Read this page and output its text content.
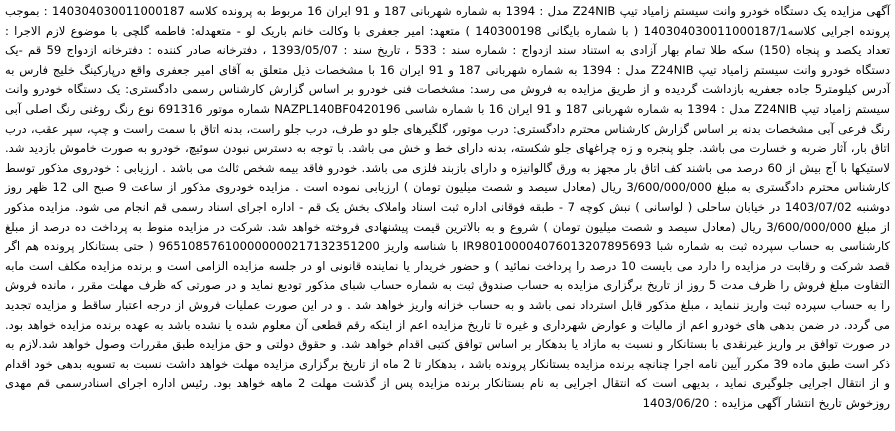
آگهی مزایده یک دستگاه خودرو وانت سیستم زامیاد تیپ Z24NIB مدل : 1394 به شماره شهربانی 187 و 91 ایران 16 مربوط به پرونده کلاسه 140304030011000187 : بموجب پرونده اجرایی کلاسه140304030011000187/1 ( با شماره بایگانی 140300198 ) متعهد: امیر جعفری با وکالت خانم باریک لو - متعهدله: فاطمه گلچی با موضوع لازم الاجرا : تعداد یکصد و پنجاه (150) سکه طلا تمام بهار آزادی به استناد سند ازدواج : شماره سند : 533 ، تاریخ سند : 1393/05/07 ، دفترخانه صادر کننده : دفترخانه ازدواج 59 قم -یک دستگاه خودرو وانت سیستم زامیاد تیپ Z24NIB مدل : 1394 به شماره شهربانی 187 و 91 ایران 16 با مشخصات ذیل متعلق به آقای امیر جعفری واقع درپارکینگ خلیج فارس به آدرس کیلومتر5 جاده جعفریه بازداشت گردیده و از طریق مزایده به فروش می رسد: مشخصات فنی خودرو بر اساس گزارش کارشناس رسمی دادگستری: یک دستگاه خودرو وانت سیستم زامیاد تیپ Z24NIB مدل : 1394 به شماره شهربانی 187 و 91 ایران 16 با شماره شاسی NAZPL140BF0420196 شماره موتور 691316 نوع رنگ روغنی رنگ اصلی آبی رنگ فرعی آبی مشخصات بدنه بر اساس گزارش کارشناس محترم دادگستری: درب موتور، گلگیرهای جلو دو طرف، درب جلو راست، بدنه اتاق با سمت راست و چپ، سپر عقب، درب اتاق بار، آثار ضربه و خسارت می باشد. جلو پنجره و زه چراغهای جلو شکسته، بدنه دارای خط و خش می باشد. با توجه به دسترس نبودن سوئیچ، خودرو به صورت خاموش بازدید شد. لاستیکها با آج بیش از 60 درصد می باشند کف اتاق بار مجهز به ورق گالوانیزه و دارای بازبند فلزی می باشد. خودرو فاقد بیمه شخص ثالث می باشد . ارزیابی : خودروی مذکور توسط کارشناس محترم دادگستری به مبلغ 3/600/000/000 ریال (معادل سیصد و شصت میلیون تومان ) ارزیابی نموده است . مزایده خودروی مذکور از ساعت 9 صبح الی 12 ظهر روز دوشنبه 1403/07/02 در خیابان ساحلی ( لواسانی ) نبش کوچه 7 - طبقه فوقانی اداره ثبت اسناد واملاک بخش یک قم - اداره اجرای اسناد رسمی قم انجام می شود. مزایده مذکور از مبلغ 3/600/000/000 ریال (معادل سیصد و شصت میلیون تومان ) شروع و به بالاترین قیمت پیشنهادی فروخته خواهد شد. شرکت در مزایده منوط به پرداخت ده درصد از مبلغ کارشناسی به حساب سپرده ثبت به شماره شبا IR980100004076013207895693 با شناسه واریز 965108576100000000217132351200 ( حتی بستانکار پرونده هم اگر قصد شرکت و رقابت در مزایده را دارد می بایست 10 درصد را پرداخت نمائید ) و حضور خریدار یا نماینده قانونی او در جلسه مزایده الزامی است و برنده مزایده مکلف است مابه التفاوت مبلغ فروش را ظرف مدت 5 روز از تاریخ برگزاری مزایده به حساب صندوق ثبت به شماره حساب شبای مذکور تودیع نماید و در صورتی که ظرف مهلت مقرر ، مانده فروش را به حساب سپرده ثبت واریز ننماید ، مبلغ مذکور قابل استرداد نمی باشد و به حساب خزانه واریز خواهد شد . و در این صورت عملیات فروش از درجه اعتبار ساقط و مزایده تجدید می گردد. در ضمن بدهی های خودرو اعم از مالیات و عوارض شهرداری و غیره تا تاریخ مزایده اعم از اینکه رقم قطعی آن معلوم شده یا نشده باشد به عهده برنده مزایده خواهد بود. در صورت توافق بر واریز غیرنقدی با بستانکار و نسبت به مازاد یا بدهکار بر اساس توافق کتبی اقدام خواهد شد. و حقوق دولتی و حق مزایده طبق مقررات وصول خواهد شد.لازم به ذکر است طبق ماده 39 مکرر آیین نامه اجرا چنانچه برنده مزایده بستانکار پرونده باشد ، بدهکار تا 2 ماه از تاریخ برگزاری مزایده مهلت خواهد داشت نسبت به تسویه بدهی خود اقدام و از انتقال اجرایی جلوگیری نماید ، بدیهی است که انتقال اجرایی به نام بستانکار برنده مزایده پس از گذشت مهلت 2 ماهه خواهد بود. رئیس اداره اجرای اسنادرسمی قم مهدی روزخوش تاریخ انتشار آگهی مزایده : 1403/06/20
